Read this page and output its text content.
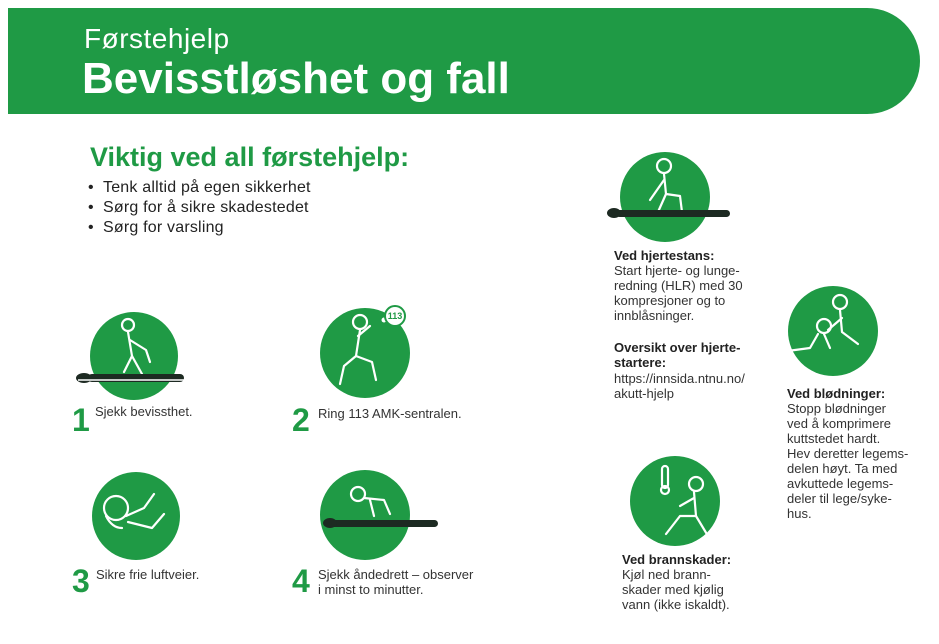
Førstehjelp
Bevisstløshet og fall
Viktig ved all førstehjelp:
• Tenk alltid på egen sikkerhet
• Sørg for å sikre skadestedet
• Sørg for varsling
1 Sjekk bevissthet.
113
2 Ring 113 AMK-sentralen.
3 Sikre frie luftveier.	4 Sjekk åndedrett – observer
i minst to minutter.
Ved hjertestans:
Start hjerte- og lunge-
redning (HLR) med 30
kompresjoner og to
innblåsninger.
Oversikt over hjerte-
startere:
https://innsida.ntnu.no/
akutt-hjelp	Ved blødninger:
Stopp blødninger
ved å komprimere
kuttstedet hardt.
Hev deretter legems-
delen høyt. Ta med
avkuttede legems-
deler til lege/syke-
hus.
Ved brannskader:
Kjøl ned brann-
skader med kjølig
vann (ikke iskaldt).
